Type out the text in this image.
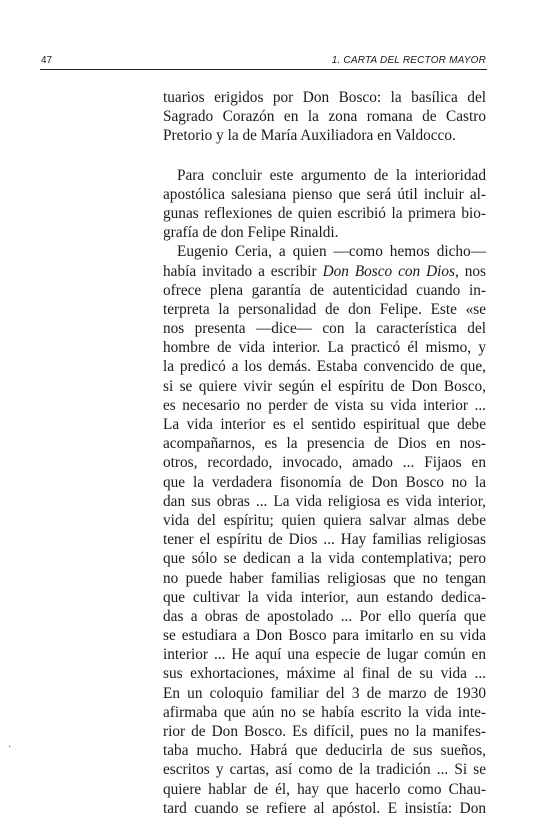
47	1. CARTA DEL RECTOR MAYOR
tuarios erigidos por Don Bosco: la basílica del
Sagrado Corazón en la zona romana de Castro
Pretorio y la de María Auxiliadora en Valdocco.
Para concluir este argumento de la interioridad
apostólica salesiana pienso que será útil incluir al-
gunas reflexiones de quien escribió la primera bio-
grafía de don Felipe Rinaldi.
Eugenio Ceria, a quien —como hemos dicho—
había invitado a escribir Don Bosco con Dios, nos
ofrece plena garantía de autenticidad cuando in-
terpreta la personalidad de don Felipe. Este «se
nos presenta —dice— con la característica del
hombre de vida interior. La practicó él mismo, y
la predicó a los demás. Estaba convencido de que,
si se quiere vivir según el espíritu de Don Bosco,
es necesario no perder de vista su vida interior ...
La vida interior es el sentido espiritual que debe
acompañarnos, es la presencia de Dios en nos-
otros, recordado, invocado, amado ... Fijaos en
que la verdadera fisonomía de Don Bosco no la
dan sus obras ... La vida religiosa es vida interior,
vida del espíritu; quien quiera salvar almas debe
tener el espíritu de Dios ... Hay familias religiosas
que sólo se dedican a la vida contemplativa; pero
no puede haber familias religiosas que no tengan
que cultivar la vida interior, aun estando dedica-
das a obras de apostolado ... Por ello quería que
se estudiara a Don Bosco para imitarlo en su vida
interior ... He aquí una especie de lugar común en
sus exhortaciones, máxime al final de su vida ...
En un coloquio familiar del 3 de marzo de 1930
afirmaba que aún no se había escrito la vida inte-
rior de Don Bosco. Es difícil, pues no la manifes-
taba mucho. Habrá que deducirla de sus sueños,
escritos y cartas, así como de la tradición ... Si se
quiere hablar de él, hay que hacerlo como Chau-
tard cuando se refiere al apóstol. E insistía: Don
·
